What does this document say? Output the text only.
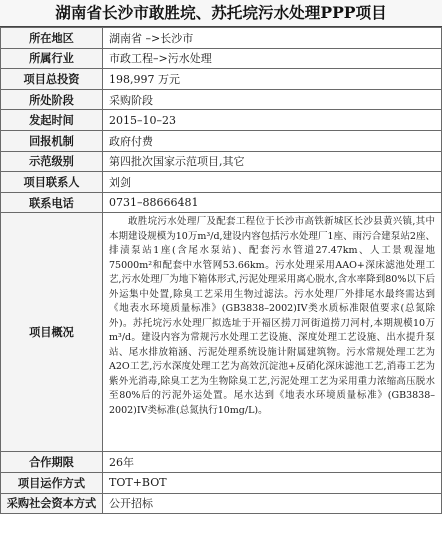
湖南省长沙市敢胜垸、苏托垸污水处理PPP项目
所在地区	湖南省 –>长沙市
所属行业	市政工程–>污水处理
项目总投资	198,997 万元
所处阶段	采购阶段
发起时间	2015–10–23
回报机制	政府付费
示范级别	第四批次国家示范项目,其它
项目联系人	刘剑
联系电话	0731–88666481
项目概况	敢胜垸污水处理厂及配套工程位于长沙市高铁新城区长沙县黄兴镇,其中本期建设规模为10万m³/d,建设内容包括污水处理厂1座、雨污合建泵站2座、排渍泵站1座(含尾水泵站)、配套污水管道27.47km、人工景观湿地75000m²和配套中水管网53.66km。污水处理采用AAO+深床滤池处理工艺,污水处理厂为地下箱体形式,污泥处理采用离心脱水,含水率降到80%以下后外运集中处置,除臭工艺采用生物过滤法。污水处理厂外排尾水最终需达到《地表水环境质量标准》(GB3838–2002)IV类水质标准限值要求(总氮除外)。苏托垸污水处理厂拟选址于开福区捞刀河街道捞刀河村,本期规模10万m³/d。建设内容为常规污水处理工艺设施、深度处理工艺设施、出水提升泵站、尾水排放箱涵、污泥处理系统设施计附属建筑物。污水常规处理工艺为A2O工艺,污水深度处理工艺为高效沉淀池+反硝化深床滤池工艺,消毒工艺为紫外光消毒,除臭工艺为生物除臭工艺,污泥处理工艺为采用重力浓缩高压脱水至80%后的污泥外运处置。尾水达到《地表水环境质量标准》(GB3838–2002)IV类标准(总氮执行10mg/L)。

合作期限	26年
项目运作方式	TOT+BOT
采购社会资本方式	公开招标
